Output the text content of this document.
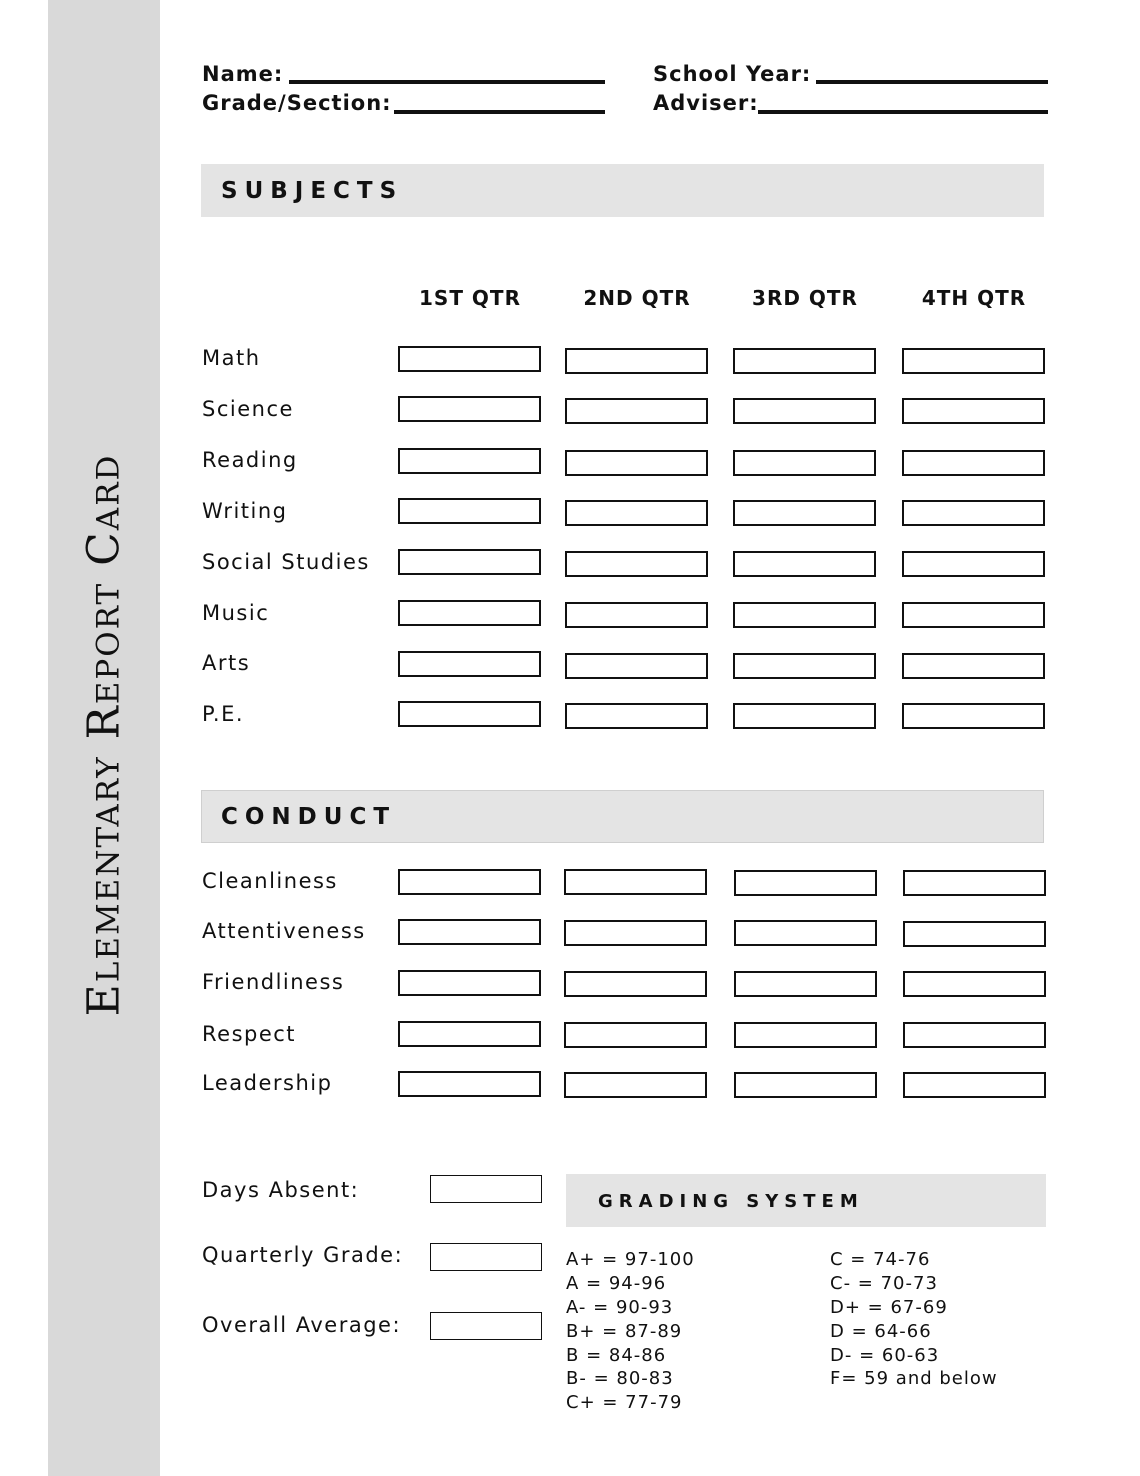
Elementary Report Card
Name:
Grade/Section:
School Year:
Adviser:
SUBJECTS
1ST QTR	2ND QTR	3RD QTR	4TH QTR
Math
Science
Reading
Writing
Social Studies
Music
Arts
P.E.
CONDUCT
Cleanliness
Attentiveness
Friendliness
Respect
Leadership
Days Absent:
Quarterly Grade:
Overall Average:
GRADING SYSTEM
A+ = 97-100
A = 94-96
A- = 90-93
B+ = 87-89
B = 84-86
B- = 80-83
C+ = 77-79
C = 74-76
C- = 70-73
D+ = 67-69
D = 64-66
D- = 60-63
F= 59 and below
